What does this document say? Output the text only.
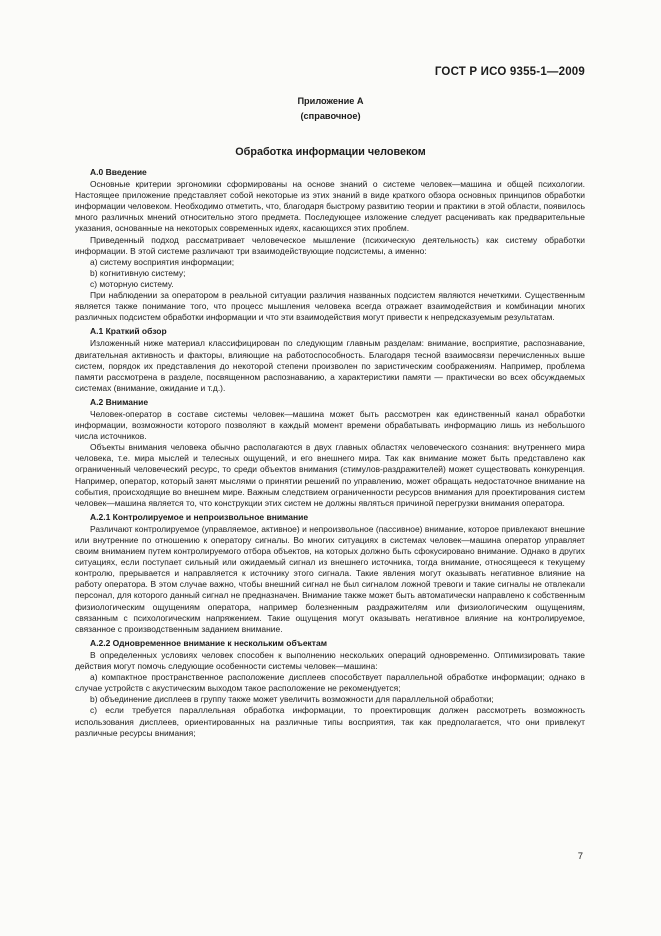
ГОСТ Р ИСО 9355-1—2009
Приложение А
(справочное)
Обработка информации человеком
А.0 Введение

Основные критерии эргономики сформированы на основе знаний о системе человек—машина и общей психологии. Настоящее приложение представляет собой некоторые из этих знаний в виде краткого обзора основных принципов обработки информации человеком. Необходимо отметить, что, благодаря быстрому развитию теории и практики в этой области, появилось много различных мнений относительно этого предмета. Последующее изложение следует расценивать как предварительные указания, основанные на некоторых современных идеях, касающихся этих проблем.

Приведенный подход рассматривает человеческое мышление (психическую деятельность) как систему обработки информации. В этой системе различают три взаимодействующие подсистемы, а именно:

a) систему восприятия информации;

b) когнитивную систему;

c) моторную систему.

При наблюдении за оператором в реальной ситуации различия названных подсистем являются нечеткими. Существенным является также понимание того, что процесс мышления человека всегда отражает взаимодействия и комбинации многих различных подсистем обработки информации и что эти взаимодействия могут привести к непредсказуемым результатам.

А.1 Краткий обзор

Изложенный ниже материал классифицирован по следующим главным разделам: внимание, восприятие, распознавание, двигательная активность и факторы, влияющие на работоспособность. Благодаря тесной взаимосвязи перечисленных выше систем, порядок их представления до некоторой степени произволен по заристическим соображениям. Например, проблема памяти рассмотрена в разделе, посвященном распознаванию, а характеристики памяти — практически во всех обсуждаемых системах (внимание, ожидание и т.д.).

А.2 Внимание

Человек-оператор в составе системы человек—машина может быть рассмотрен как единственный канал обработки информации, возможности которого позволяют в каждый момент времени обрабатывать информацию лишь из небольшого числа источников.

Объекты внимания человека обычно располагаются в двух главных областях человеческого сознания: внутреннего мира человека, т.е. мира мыслей и телесных ощущений, и его внешнего мира. Так как внимание может быть представлено как ограниченный человеческий ресурс, то среди объектов внимания (стимулов-раздражителей) может существовать конкуренция. Например, оператор, который занят мыслями о принятии решений по управлению, может обращать недостаточное внимание на события, происходящие во внешнем мире. Важным следствием ограниченности ресурсов внимания для проектирования систем человек—машина является то, что конструкции этих систем не должны являться причиной перегрузки внимания оператора.

А.2.1 Контролируемое и непроизвольное внимание

Различают контролируемое (управляемое, активное) и непроизвольное (пассивное) внимание, которое привлекают внешние или внутренние по отношению к оператору сигналы. Во многих ситуациях в системах человек—машина оператор управляет своим вниманием путем контролируемого отбора объектов, на которых должно быть сфокусировано внимание. Однако в других ситуациях, если поступает сильный или ожидаемый сигнал из внешнего источника, тогда внимание, относящееся к текущему контролю, прерывается и направляется к источнику этого сигнала. Такие явления могут оказывать негативное влияние на работу оператора. В этом случае важно, чтобы внешний сигнал не был сигналом ложной тревоги и такие сигналы не отвлекали персонал, для которого данный сигнал не предназначен. Внимание также может быть автоматически направлено к собственным физиологическим ощущениям оператора, например болезненным раздражителям или физиологическим ощущениям, связанным с психологическим напряжением. Такие ощущения могут оказывать негативное влияние на контролируемое, связанное с производственным заданием внимание.

А.2.2 Одновременное внимание к нескольким объектам

В определенных условиях человек способен к выполнению нескольких операций одновременно. Оптимизировать такие действия могут помочь следующие особенности системы человек—машина:

a) компактное пространственное расположение дисплеев способствует параллельной обработке информации; однако в случае устройств с акустическим выходом такое расположение не рекомендуется;

b) объединение дисплеев в группу также может увеличить возможности для параллельной обработки;

c) если требуется параллельная обработка информации, то проектировщик должен рассмотреть возможность использования дисплеев, ориентированных на различные типы восприятия, так как предполагается, что они привлекут различные ресурсы внимания;

7
